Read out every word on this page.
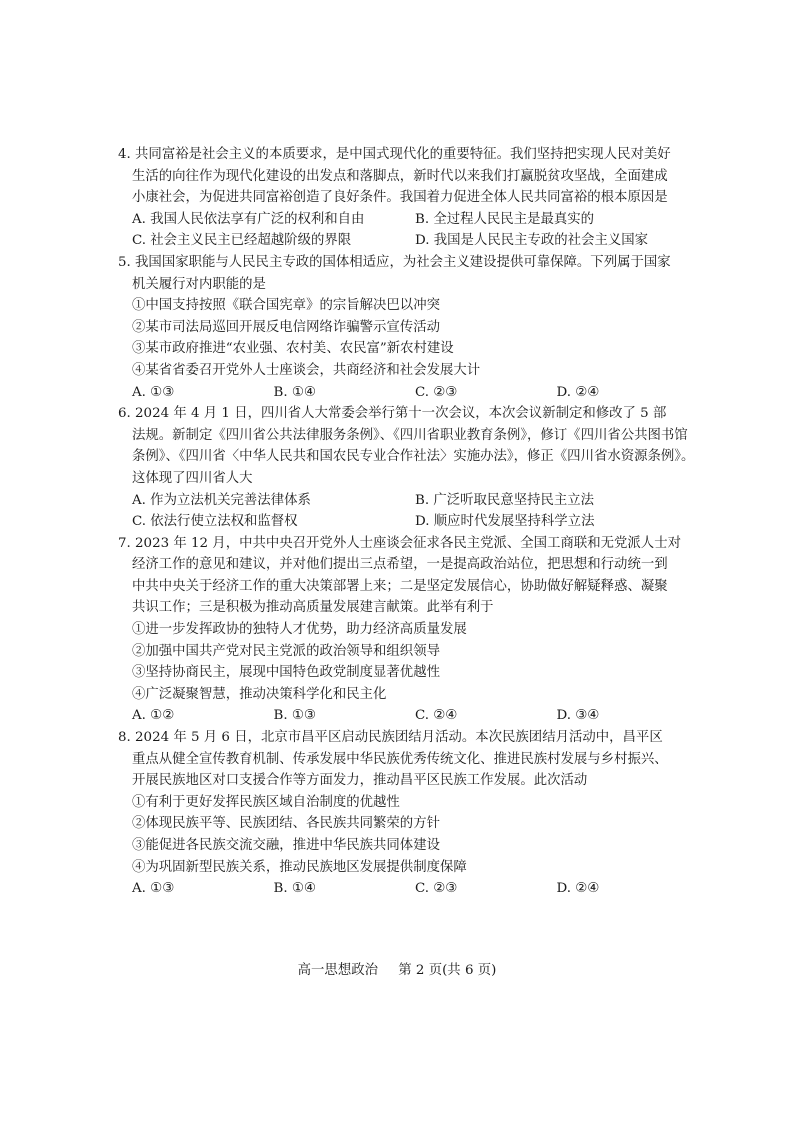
4. 共同富裕是社会主义的本质要求，是中国式现代化的重要特征。我们坚持把实现人民对美好
生活的向往作为现代化建设的出发点和落脚点，新时代以来我们打赢脱贫攻坚战，全面建成
小康社会，为促进共同富裕创造了良好条件。我国着力促进全体人民共同富裕的根本原因是
A. 我国人民依法享有广泛的权利和自由	B. 全过程人民民主是最真实的
C. 社会主义民主已经超越阶级的界限	D. 我国是人民民主专政的社会主义国家
5. 我国国家职能与人民民主专政的国体相适应，为社会主义建设提供可靠保障。下列属于国家
机关履行对内职能的是
①中国支持按照《联合国宪章》的宗旨解决巴以冲突
②某市司法局巡回开展反电信网络诈骗警示宣传活动
③某市政府推进“农业强、农村美、农民富”新农村建设
④某省省委召开党外人士座谈会，共商经济和社会发展大计
A. ①③	B. ①④	C. ②③	D. ②④
6. 2024 年 4 月 1 日，四川省人大常委会举行第十一次会议，本次会议新制定和修改了 5 部
法规。新制定《四川省公共法律服务条例》、《四川省职业教育条例》，修订《四川省公共图书馆
条例》、《四川省〈中华人民共和国农民专业合作社法〉实施办法》，修正《四川省水资源条例》。
这体现了四川省人大
A. 作为立法机关完善法律体系	B. 广泛听取民意坚持民主立法
C. 依法行使立法权和监督权	D. 顺应时代发展坚持科学立法
7. 2023 年 12 月，中共中央召开党外人士座谈会征求各民主党派、全国工商联和无党派人士对
经济工作的意见和建议，并对他们提出三点希望，一是提高政治站位，把思想和行动统一到
中共中央关于经济工作的重大决策部署上来；二是坚定发展信心，协助做好解疑释惑、凝聚
共识工作；三是积极为推动高质量发展建言献策。此举有利于
①进一步发挥政协的独特人才优势，助力经济高质量发展
②加强中国共产党对民主党派的政治领导和组织领导
③坚持协商民主，展现中国特色政党制度显著优越性
④广泛凝聚智慧，推动决策科学化和民主化
A. ①②	B. ①③	C. ②④	D. ③④
8. 2024 年 5 月 6 日，北京市昌平区启动民族团结月活动。本次民族团结月活动中，昌平区
重点从健全宣传教育机制、传承发展中华民族优秀传统文化、推进民族村发展与乡村振兴、
开展民族地区对口支援合作等方面发力，推动昌平区民族工作发展。此次活动
①有利于更好发挥民族区域自治制度的优越性
②体现民族平等、民族团结、各民族共同繁荣的方针
③能促进各民族交流交融，推进中华民族共同体建设
④为巩固新型民族关系，推动民族地区发展提供制度保障
A. ①③	B. ①④	C. ②③	D. ②④
高一思想政治 第 2 页(共 6 页)
